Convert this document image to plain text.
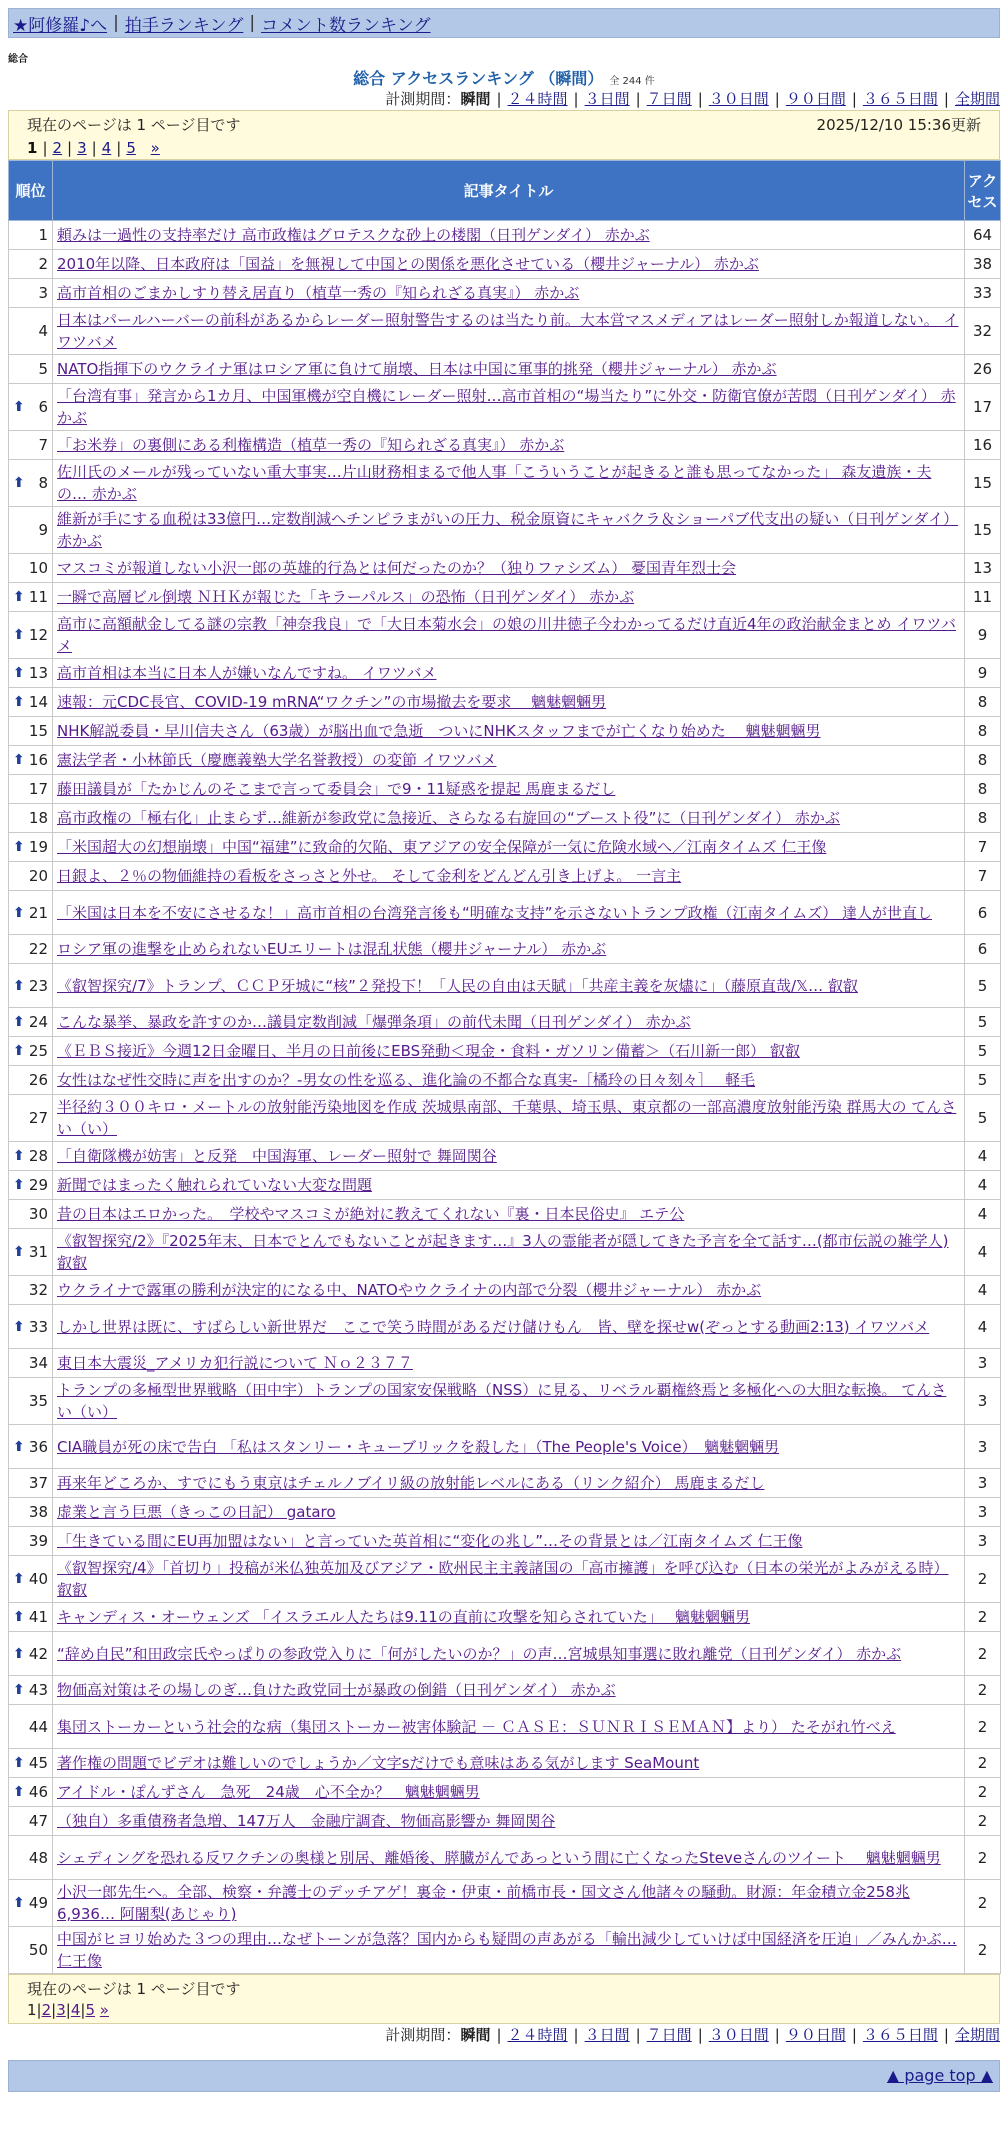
★阿修羅♪へ | 拍手ランキング | コメント数ランキング
総合
総合 アクセスランキング （瞬間） 全 244 件
計測期間：瞬間 | ２４時間 | ３日間 | ７日間 | ３０日間 | ９０日間 | ３６５日間 | 全期間
現在のページは 1 ページ目です	2025/12/10 15:36更新
1 | 2 | 3 | 4 | 5 »
順位	記事タイトル	アクセス
1	頼みは一過性の支持率だけ 高市政権はグロテスクな砂上の楼閣（日刊ゲンダイ） 赤かぶ	64
2	2010年以降、日本政府は「国益」を無視して中国との関係を悪化させている（櫻井ジャーナル） 赤かぶ	38
3	高市首相のごまかしすり替え居直り（植草一秀の『知られざる真実』） 赤かぶ	33
4	日本はパールハーバーの前科があるからレーダー照射警告するのは当たり前。大本営マスメディアはレーダー照射しか報道しない。 イワツバメ	32
5	NATO指揮下のウクライナ軍はロシア軍に負けて崩壊、日本は中国に軍事的挑発（櫻井ジャーナル） 赤かぶ	26

⬆ 6	「台湾有事」発言から1カ月、中国軍機が空自機にレーダー照射…高市首相の“場当たり”に外交・防衛官僚が苦悶（日刊ゲンダイ） 赤かぶ	17
7	「お米券」の裏側にある利権構造（植草一秀の『知られざる真実』） 赤かぶ	16

⬆ 8	佐川氏のメールが残っていない重大事実…片山財務相まるで他人事「こういうことが起きると誰も思ってなかった」 森友遺族・夫の… 赤かぶ	15
9	維新が手にする血税は33億円…定数削減へチンピラまがいの圧力、税金原資にキャバクラ＆ショーパブ代支出の疑い（日刊ゲンダイ） 赤かぶ	15
10	マスコミが報道しない小沢一郎の英雄的行為とは何だったのか？（独りファシズム） 憂国青年烈士会	13

⬆ 11	一瞬で高層ビル倒壊 ＮＨＫが報じた「キラーパルス」の恐怖（日刊ゲンダイ） 赤かぶ	11

⬆ 12	高市に高額献金してる謎の宗教「神奈我良」で「大日本菊水会」の娘の川井徳子今わかってるだけ直近4年の政治献金まとめ イワツバメ	9

⬆ 13	高市首相は本当に日本人が嫌いなんですね。 イワツバメ	9

⬆ 14	速報：元CDC長官、COVID-19 mRNA“ワクチン”の市場撤去を要求　 魑魅魍魎男	8
15	NHK解説委員・早川信夫さん（63歳）が脳出血で急逝　ついにNHKスタッフまでが亡くなり始めた　 魑魅魍魎男	8

⬆ 16	憲法学者・小林節氏（慶應義塾大学名誉教授）の変節 イワツバメ	8
17	藤田議員が「たかじんのそこまで言って委員会」で9・11疑惑を提起 馬鹿まるだし	8
18	高市政権の「極右化」止まらず…維新が参政党に急接近、さらなる右旋回の“ブースト役”に（日刊ゲンダイ） 赤かぶ	8

⬆ 19	「米国超大の幻想崩壊」中国“福建”に致命的欠陥、東アジアの安全保障が一気に危険水域へ／江南タイムズ 仁王像	7
20	日銀よ、２％の物価維持の看板をさっさと外せ。 そして金利をどんどん引き上げよ。 一言主	7

⬆ 21	「米国は日本を不安にさせるな！」高市首相の台湾発言後も“明確な支持”を示さないトランプ政権（江南タイムズ） 達人が世直し	6
22	ロシア軍の進撃を止められないEUエリートは混乱状態（櫻井ジャーナル） 赤かぶ	6

⬆ 23	《叡智探究/7》トランプ、ＣＣＰ牙城に“核”２発投下！「人民の自由は天賦」「共産主義を灰燼に」（藤原直哉/𝕏… 叡叡	5

⬆ 24	こんな暴挙、暴政を許すのか…議員定数削減「爆弾条項」の前代未聞（日刊ゲンダイ） 赤かぶ	5

⬆ 25	《ＥＢＳ接近》今週12日金曜日、半月の日前後にEBS発動＜現金・食料・ガソリン備蓄＞（石川新一郎） 叡叡	5
26	女性はなぜ性交時に声を出すのか？-男女の性を巡る、進化論の不都合な真実-［橘玲の日々刻々］　 軽毛	5
27	半径約３００キロ・メートルの放射能汚染地図を作成 茨城県南部、千葉県、埼玉県、東京都の一部高濃度放射能汚染 群馬大の てんさい（い）	5

⬆ 28	「自衛隊機が妨害」と反発　中国海軍、レーダー照射で 舞岡関谷	4

⬆ 29	新聞ではまったく触れられていない大変な問題	4
30	昔の日本はエロかった。　学校やマスコミが絶対に教えてくれない『裏・日本民俗史』 エテ公	4

⬆ 31	《叡智探究/2》『2025年末、日本でとんでもないことが起きます…』3人の霊能者が隠してきた予言を全て話す…(都市伝説の雑学人) 叡叡	4
32	ウクライナで露軍の勝利が決定的になる中、NATOやウクライナの内部で分裂（櫻井ジャーナル） 赤かぶ	4

⬆ 33	しかし世界は既に、すばらしい新世界だ　ここで笑う時間があるだけ儲けもん　皆、壁を探せw(ぞっとする動画2:13) イワツバメ	4
34	東日本大震災_アメリカ犯行説について Ｎｏ２３７７	3
35	トランプの多極型世界戦略（田中宇）トランプの国家安保戦略（NSS）に見る、リベラル覇権終焉と多極化への大胆な転換。 てんさい（い）	3

⬆ 36	CIA職員が死の床で告白 「私はスタンリー・キューブリックを殺した」（The People's Voice）　魑魅魍魎男	3
37	再来年どころか、すでにもう東京はチェルノブイリ級の放射能レベルにある（リンク紹介） 馬鹿まるだし	3
38	虚業と言う巨悪（きっこの日記） gataro	3
39	「生きている間にEU再加盟はない」と言っていた英首相に“変化の兆し”…その背景とは／江南タイムズ 仁王像	3

⬆ 40	《叡智探究/4》「首切り」投稿が米仏独英加及びアジア・欧州民主主義諸国の「高市擁護」を呼び込む（日本の栄光がよみがえる時） 叡叡	2

⬆ 41	キャンディス・オーウェンズ 「イスラエル人たちは9.11の直前に攻撃を知らされていた」　 魑魅魍魎男	2

⬆ 42	“辞め自民”和田政宗氏やっぱりの参政党入りに「何がしたいのか？」の声…宮城県知事選に敗れ離党（日刊ゲンダイ） 赤かぶ	2

⬆ 43	物価高対策はその場しのぎ…負けた政党同士が暴政の倒錯（日刊ゲンダイ） 赤かぶ	2
44	集団ストーカーという社会的な病（集団ストーカー被害体験記 － ＣＡＳＥ：ＳＵＮＲＩＳＥＭＡＮ】より） たそがれ竹べえ	2

⬆ 45	著作権の問題でビデオは難しいのでしょうか／文字sだけでも意味はある気がします SeaMount	2

⬆ 46	アイドル・ぽんずさん　急死　24歳　心不全か？　魑魅魍魎男	2
47	（独自）多重債務者急増、147万人　金融庁調査、物価高影響か 舞岡関谷	2
48	シェディングを恐れる反ワクチンの奥様と別居、離婚後、膵臓がんであっという間に亡くなったSteveさんのツイート　 魑魅魍魎男	2

⬆ 49	小沢一郎先生へ。全部、検察・弁護士のデッチアゲ！裏金・伊東・前橋市長・国文さん他諸々の騒動。財源：年金積立金258兆6,936… 阿闍梨(あじゃり)	2
50	中国がヒヨリ始めた３つの理由…なぜトーンが急落？国内からも疑問の声あがる「輸出減少していけば中国経済を圧迫」／みんかぶ… 仁王像	2
現在のページは 1 ページ目です
1|2|3|4|5 »
計測期間：瞬間 | ２４時間 | ３日間 | ７日間 | ３０日間 | ９０日間 | ３６５日間 | 全期間
▲ page top ▲
